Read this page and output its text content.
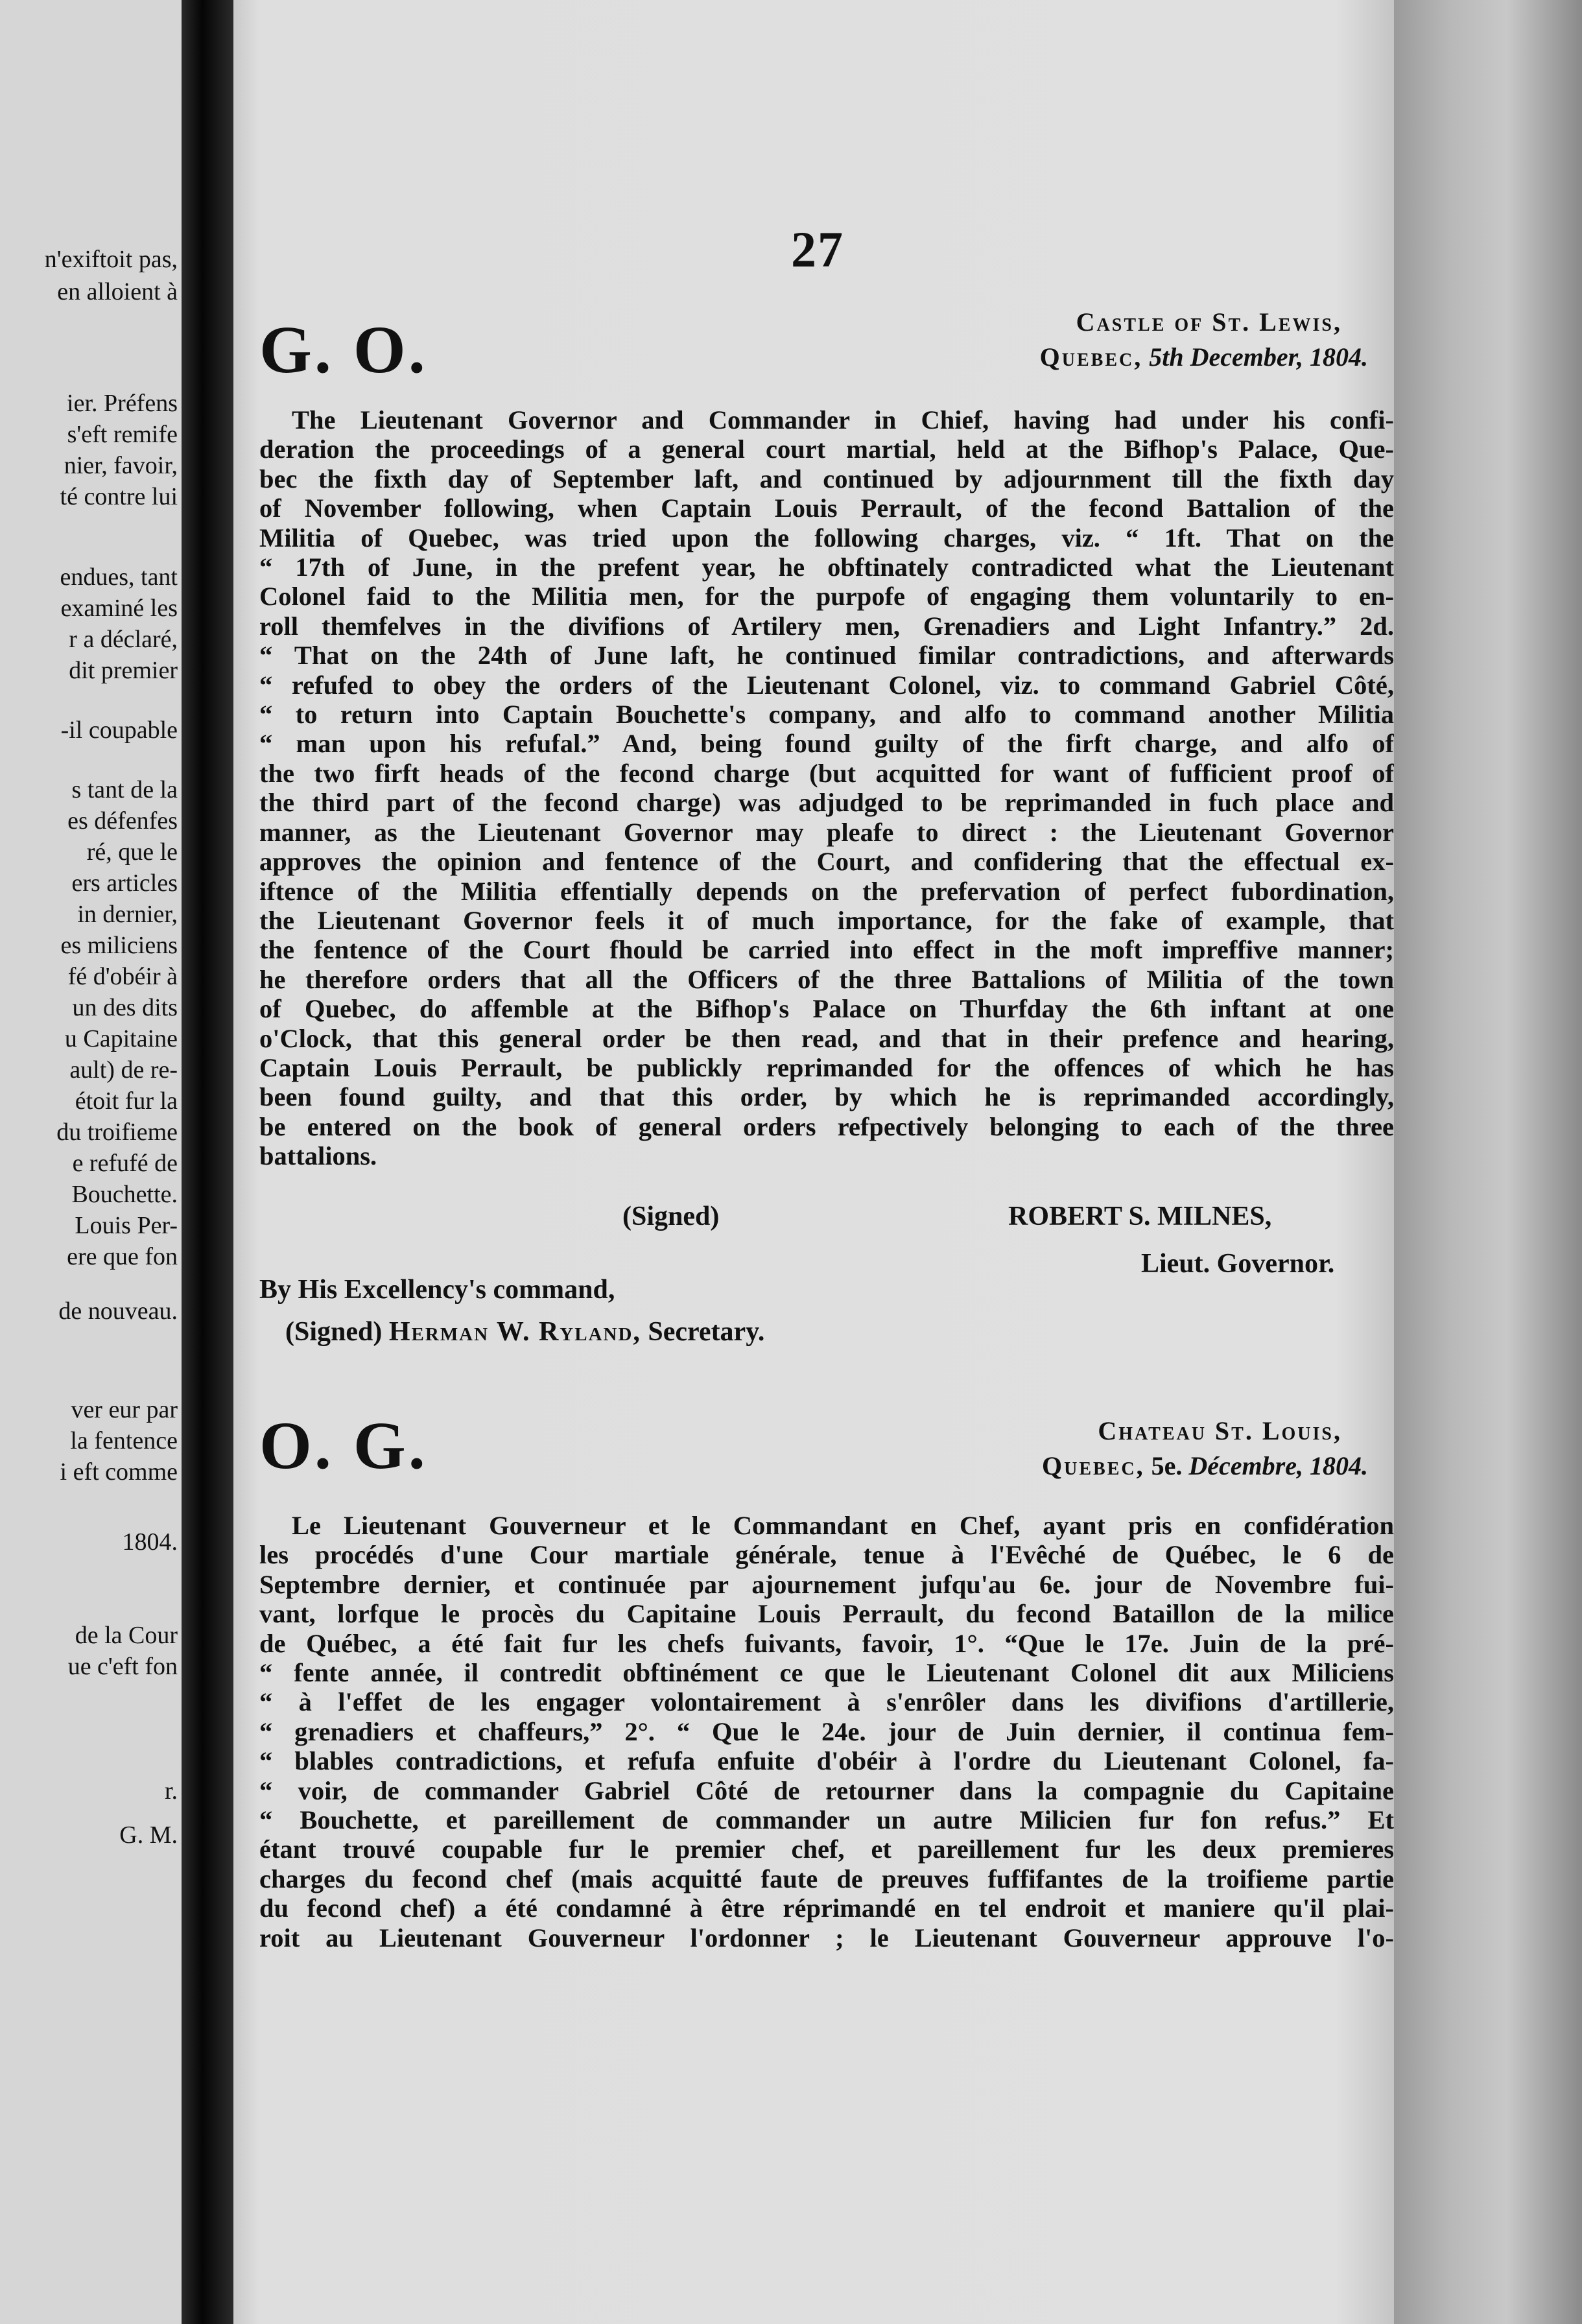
n'exiftoit pas,
en alloient à
ier. Préfens
s'eft remife
nier, favoir,
té contre lui
endues, tant
examiné les
r a déclaré,
dit premier
-il coupable
s tant de la
es défenfes
ré, que le
ers articles
in dernier,
es miliciens
fé d'obéir à
un des dits
u Capitaine
ault) de re-
étoit fur la
du troifieme
e refufé de
Bouchette.
Louis Per-
ere que fon
de nouveau.
ver eur par
la fentence
i eft comme
1804.
de la Cour
ue c'eft fon
r.
G. M.
27
G. O.	Castle of St. Lewis,
Quebec, 5th December, 1804.
The Lieutenant Governor and Commander in Chief, having had under his confi-
deration the proceedings of a general court martial, held at the Bifhop's Palace, Que-
bec the fixth day of September laft, and continued by adjournment till the fixth day
of November following, when Captain Louis Perrault, of the fecond Battalion of the
Militia of Quebec, was tried upon the following charges, viz. “ 1ft. That on the
“ 17th of June, in the prefent year, he obftinately contradicted what the Lieutenant
Colonel faid to the Militia men, for the purpofe of engaging them voluntarily to en-
roll themfelves in the divifions of Artilery men, Grenadiers and Light Infantry.” 2d.
“ That on the 24th of June laft, he continued fimilar contradictions, and afterwards
“ refufed to obey the orders of the Lieutenant Colonel, viz. to command Gabriel Côté,
“ to return into Captain Bouchette's company, and alfo to command another Militia
“ man upon his refufal.” And, being found guilty of the firft charge, and alfo of
the two firft heads of the fecond charge (but acquitted for want of fufficient proof of
the third part of the fecond charge) was adjudged to be reprimanded in fuch place and
manner, as the Lieutenant Governor may pleafe to direct : the Lieutenant Governor
approves the opinion and fentence of the Court, and confidering that the effectual ex-
iftence of the Militia effentially depends on the prefervation of perfect fubordination,
the Lieutenant Governor feels it of much importance, for the fake of example, that
the fentence of the Court fhould be carried into effect in the moft impreffive manner;
he therefore orders that all the Officers of the three Battalions of Militia of the town
of Quebec, do affemble at the Bifhop's Palace on Thurfday the 6th inftant at one
o'Clock, that this general order be then read, and that in their prefence and hearing,
Captain Louis Perrault, be publickly reprimanded for the offences of which he has
been found guilty, and that this order, by which he is reprimanded accordingly,
be entered on the book of general orders refpectively belonging to each of the three
battalions.
(Signed)	ROBERT S. MILNES,
Lieut. Governor.
By His Excellency's command,
(Signed) Herman W. Ryland, Secretary.
O. G.	Chateau St. Louis,
Quebec, 5e. Décembre, 1804.
Le Lieutenant Gouverneur et le Commandant en Chef, ayant pris en confidération
les procédés d'une Cour martiale générale, tenue à l'Evêché de Québec, le 6 de
Septembre dernier, et continuée par ajournement jufqu'au 6e. jour de Novembre fui-
vant, lorfque le procès du Capitaine Louis Perrault, du fecond Bataillon de la milice
de Québec, a été fait fur les chefs fuivants, favoir, 1°. “Que le 17e. Juin de la pré-
“ fente année, il contredit obftinément ce que le Lieutenant Colonel dit aux Miliciens
“ à l'effet de les engager volontairement à s'enrôler dans les divifions d'artillerie,
“ grenadiers et chaffeurs,” 2°. “ Que le 24e. jour de Juin dernier, il continua fem-
“ blables contradictions, et refufa enfuite d'obéir à l'ordre du Lieutenant Colonel, fa-
“ voir, de commander Gabriel Côté de retourner dans la compagnie du Capitaine
“ Bouchette, et pareillement de commander un autre Milicien fur fon refus.” Et
étant trouvé coupable fur le premier chef, et pareillement fur les deux premieres
charges du fecond chef (mais acquitté faute de preuves fuffifantes de la troifieme partie
du fecond chef) a été condamné à être réprimandé en tel endroit et maniere qu'il plai-
roit au Lieutenant Gouverneur l'ordonner ; le Lieutenant Gouverneur approuve l'o-
